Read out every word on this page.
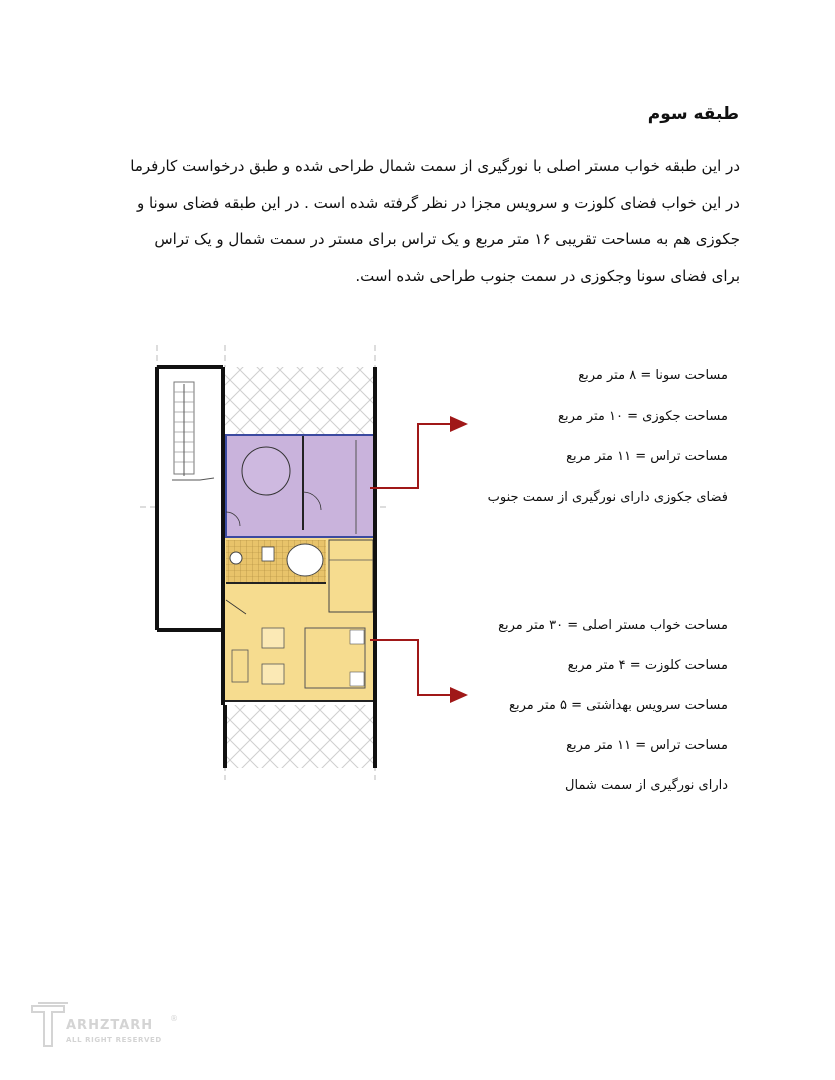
طبقه سوم

در این طبقه خواب مستر اصلی با نورگیری از سمت شمال طراحی شده و طبق درخواست کارفرما

در این خواب فضای کلوزت و سرویس مجزا در نظر گرفته شده است . در این طبقه فضای سونا و

جکوزی هم به مساحت تقریبی ۱۶ متر مربع و یک تراس برای مستر در سمت شمال و یک تراس

برای فضای سونا وجکوزی در سمت جنوب طراحی شده است.

مساحت سونا = ۸ متر مربع
مساحت جکوزی = ۱۰ متر مربع
مساحت تراس = ۱۱ متر مربع
فضای جکوزی دارای نورگیری از سمت جنوب
مساحت خواب مستر اصلی = ۳۰ متر مربع
مساحت کلوزت = ۴ متر مربع
مساحت سرویس بهداشتی = ۵ متر مربع
مساحت تراس = ۱۱ متر مربع
دارای نورگیری از سمت شمال
ARHZTARH
ALL RIGHT RESERVED
®
